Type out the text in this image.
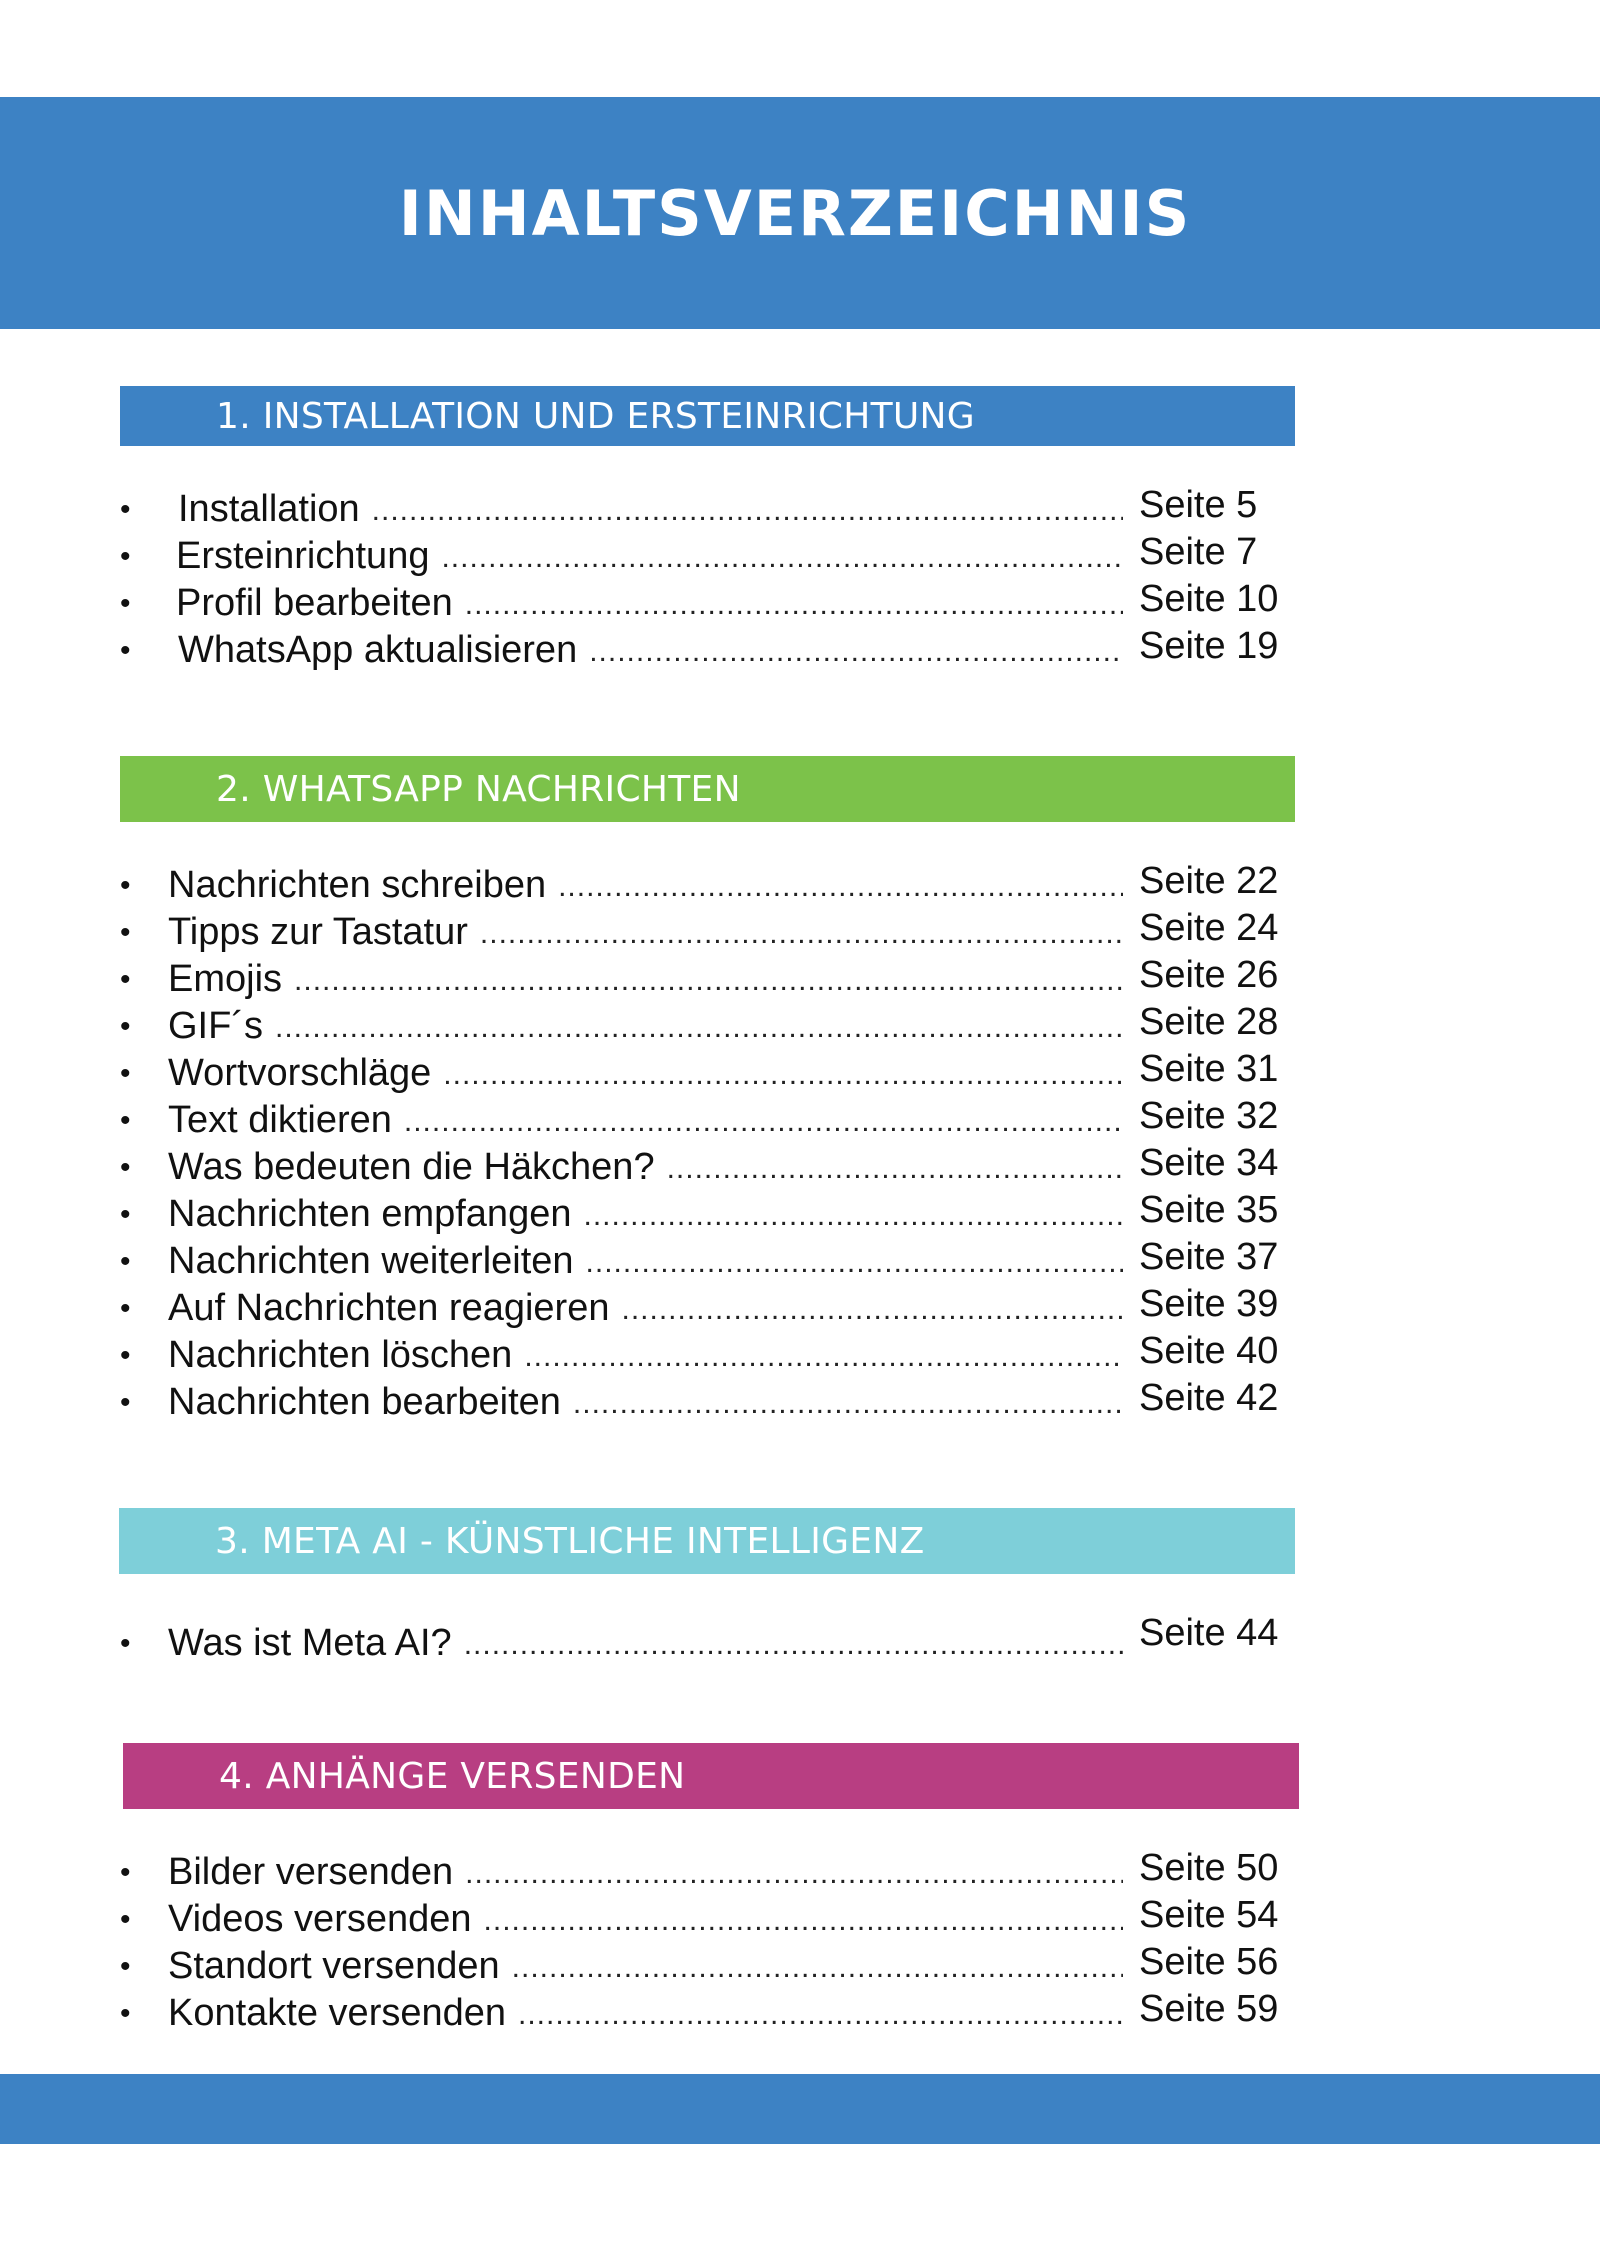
INHALTSVERZEICHNIS
1. INSTALLATION UND ERSTEINRICHTUNG
• Installation .....	Seite 5
• Ersteinrichtung .....	Seite 7
• Profil bearbeiten .....	Seite 10
• WhatsApp aktualisieren .....	Seite 19
2. WHATSAPP NACHRICHTEN
• Nachrichten schreiben .....	Seite 22
• Tipps zur Tastatur .....	Seite 24
• Emojis .....	Seite 26
• GIF´s .....	Seite 28
• Wortvorschläge .....	Seite 31
• Text diktieren .....	Seite 32
• Was bedeuten die Häkchen? .....	Seite 34
• Nachrichten empfangen .....	Seite 35
• Nachrichten weiterleiten .....	Seite 37
• Auf Nachrichten reagieren .....	Seite 39
• Nachrichten löschen .....	Seite 40
• Nachrichten bearbeiten .....	Seite 42
3. META AI - KÜNSTLICHE INTELLIGENZ
• Was ist Meta AI? .....	Seite 44
4. ANHÄNGE VERSENDEN
• Bilder versenden .....	Seite 50
• Videos versenden .....	Seite 54
• Standort versenden .....	Seite 56
• Kontakte versenden .....	Seite 59
